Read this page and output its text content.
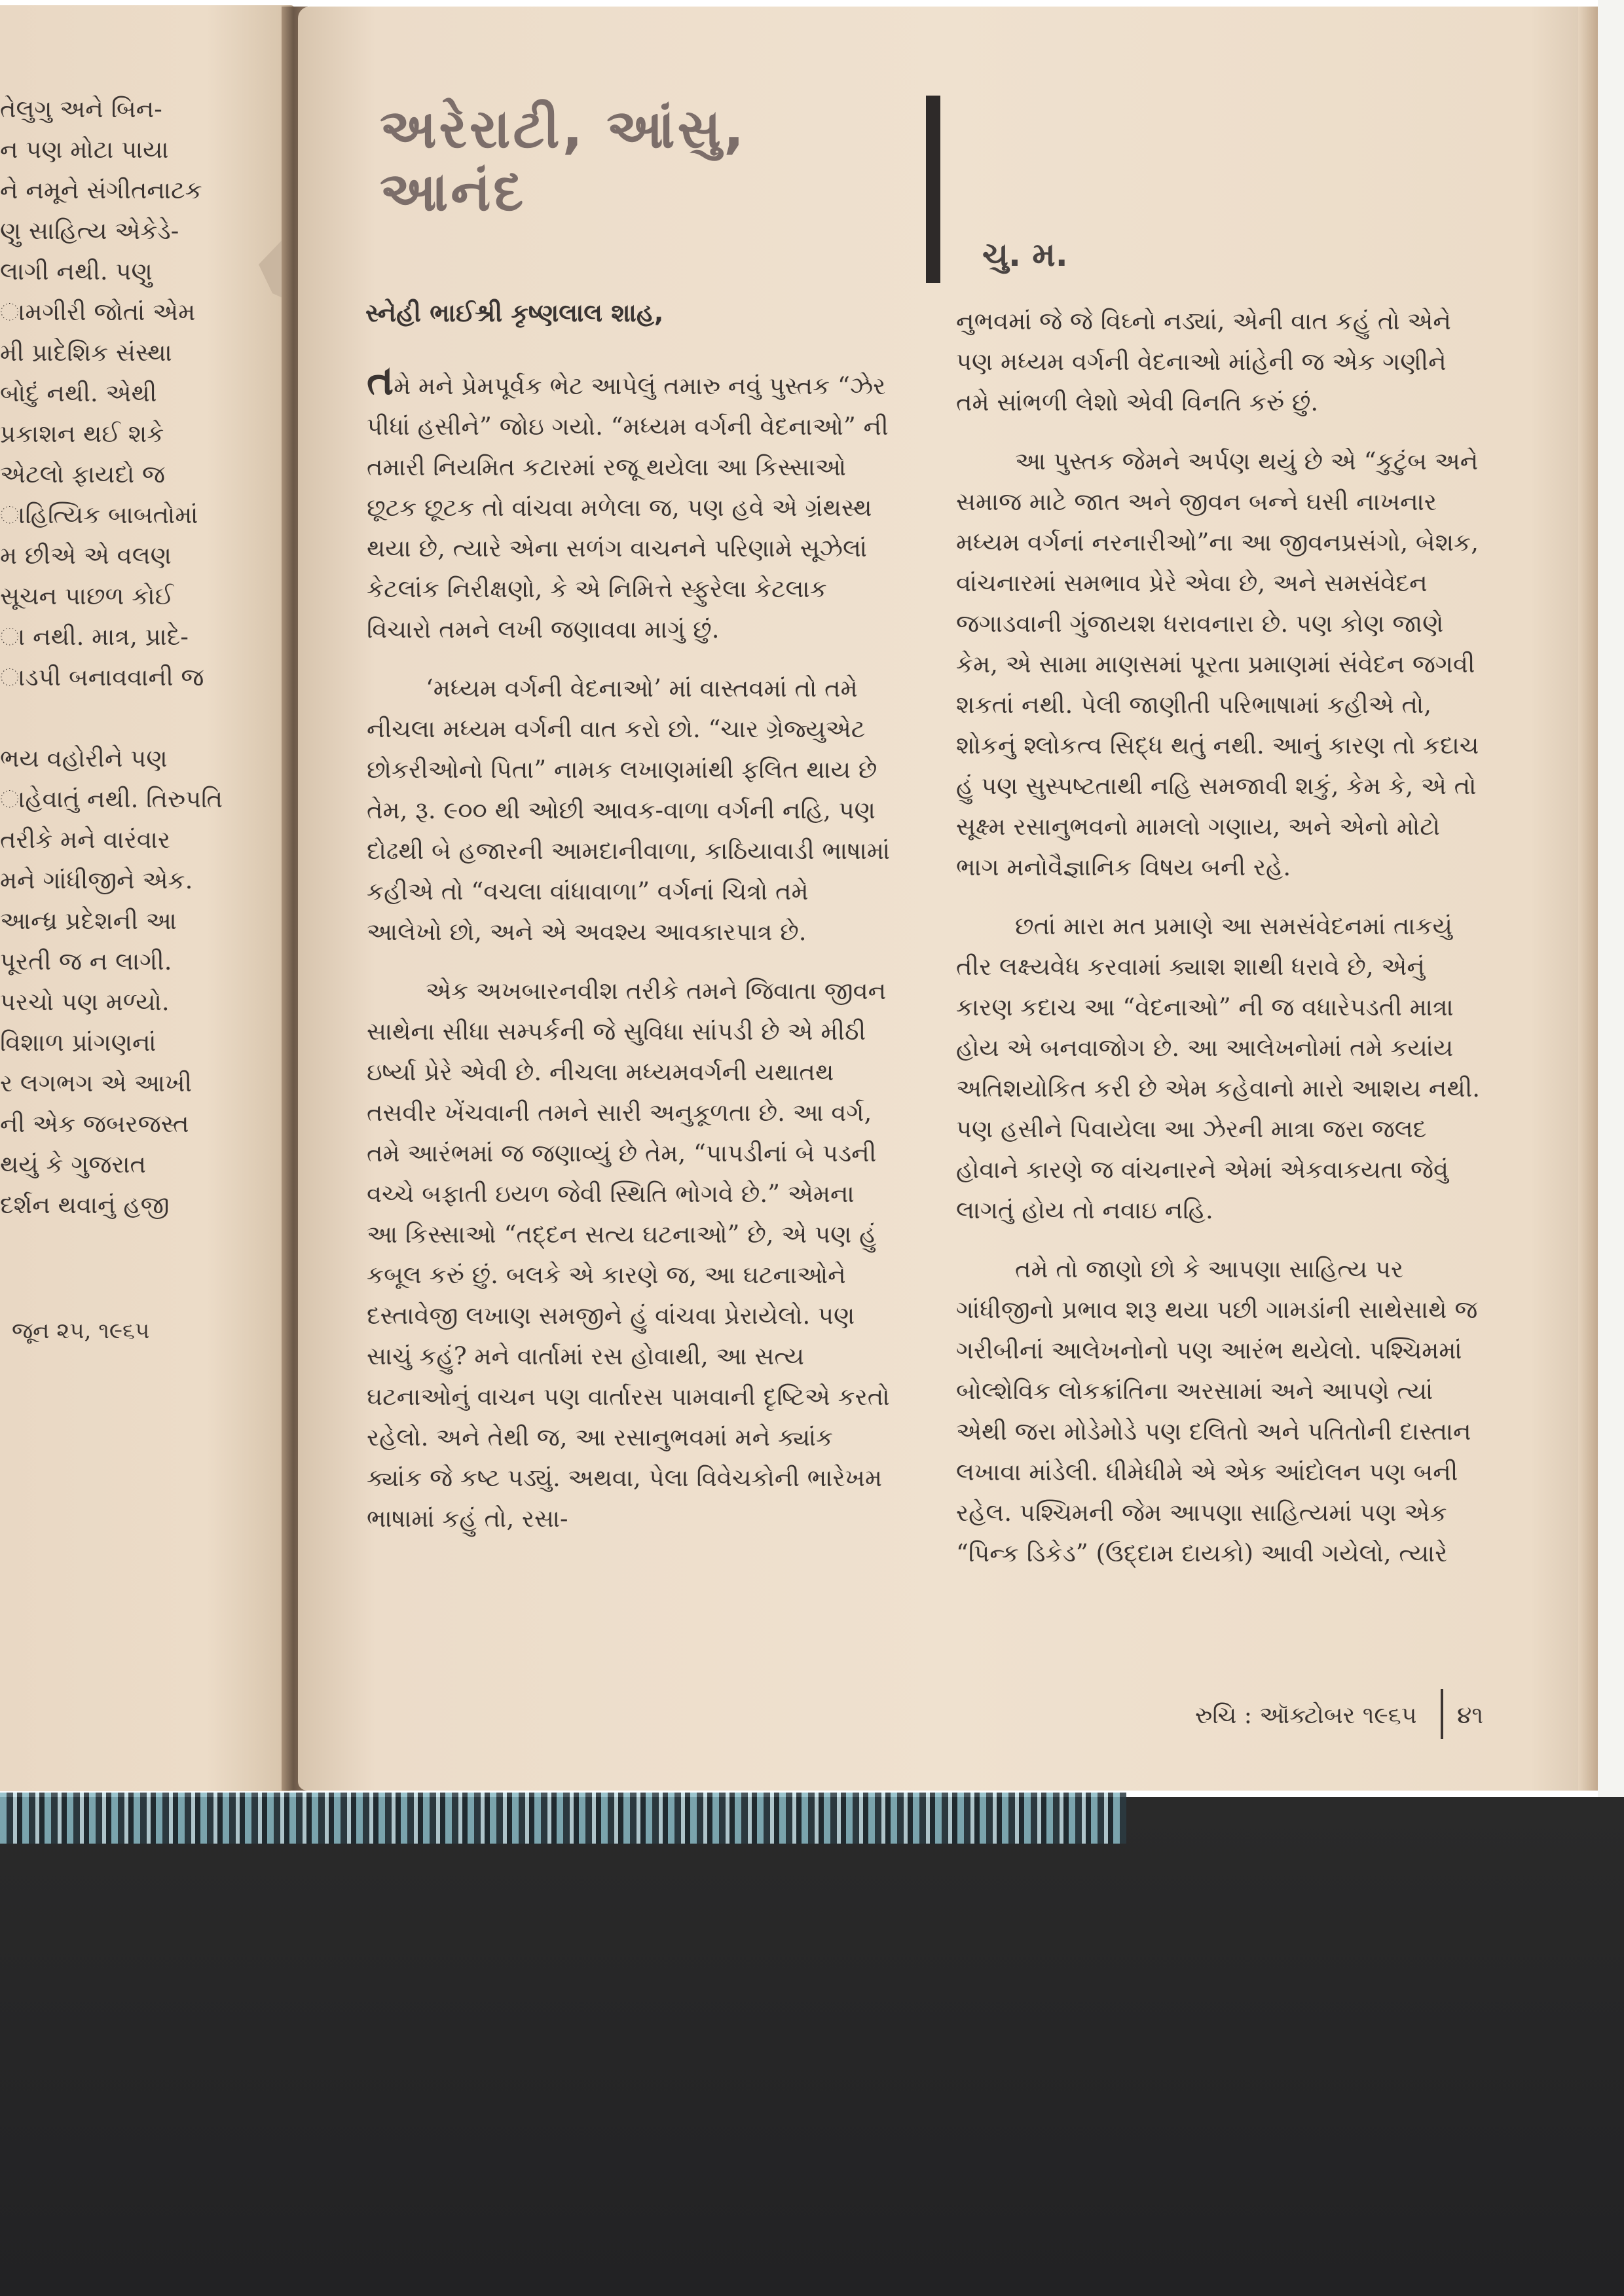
તેલુગુ અને બિન-

ન પણ મોટા પાયા

ને નમૂને સંગીતનાટક

ણુ સાહિત્ય એકેડે-

લાગી નથી. પણુ

ામગીરી જોતાં એમ

મી પ્રાદેશિક સંસ્થા

બોદું નથી. એથી

પ્રકાશન થઈ શકે

એટલો ફાયદો જ

ાહિત્યિક બાબતોમાં

મ છીએ એ વલણ

સૂચન પાછળ કોઈ

ા નથી. માત્ર, પ્રાદે-

ાડપી બનાવવાની જ

ભય વહોરીને પણ

ાહેવાતું નથી. તિરુપતિ

તરીકે મને વારંવાર

મને ગાંધીજીને એક.

આન્ધ્ર પ્રદેશની આ

પૂરતી જ ન લાગી.

પરચો પણ મળ્યો.

વિશાળ પ્રાંગણનાં

ર લગભગ એ આખી

ની એક જબરજસ્ત

થયું કે ગુજરાત

દર્શન થવાનું હજી

જૂન ૨૫, ૧૯૬૫
અરેરાટી, આંસુ, આનંદ
ચુ. મ.
સ્નેહી ભાઈશ્રી કૃષ્ણલાલ શાહ,

તમે મને પ્રેમપૂર્વક ભેટ આપેલું તમારુ નવું પુસ્તક “ઝેર પીધાં હસીને” જોઇ ગયો. “મધ્યમ વર્ગની વેદનાઓ” ની તમારી નિયમિત કટારમાં રજૂ થયેલા આ કિસ્સાઓ છૂટક છૂટક તો વાંચવા મળેલા જ, પણ હવે એ ગ્રંથસ્થ થયા છે, ત્યારે એના સળંગ વાચનને પરિણામે સૂઝેલાં કેટલાંક નિરીક્ષણો, કે એ નિમિત્તે સ્ફુરેલા કેટલાક વિચારો તમને લખી જણાવવા માગું છું.

‘મધ્યમ વર્ગની વેદનાઓ’ માં વાસ્તવમાં તો તમે નીચલા મધ્યમ વર્ગની વાત કરો છો. “ચાર ગ્રેજ્યુએટ છોકરીઓનો પિતા” નામક લખાણમાંથી ફલિત થાય છે તેમ, રૂ. ૯૦૦ થી ઓછી આવક-વાળા વર્ગની નહિ, પણ દોઢથી બે હજારની આમદાનીવાળા, કાઠિયાવાડી ભાષામાં કહીએ તો “વચલા વાંધાવાળા” વર્ગનાં ચિત્રો તમે આલેખો છો, અને એ અવશ્ય આવકારપાત્ર છે.

એક અખબારનવીશ તરીકે તમને જિવાતા જીવન સાથેના સીધા સમ્પર્કની જે સુવિધા સાંપડી છે એ મીઠી ઇર્ષ્યા પ્રેરે એવી છે. નીચલા મધ્યમવર્ગની યથાતથ તસવીર ખેંચવાની તમને સારી અનુકૂળતા છે. આ વર્ગ, તમે આરંભમાં જ જણાવ્યું છે તેમ, “પાપડીનાં બે પડની વચ્ચે બફાતી ઇયળ જેવી સ્થિતિ ભોગવે છે.” એમના આ કિસ્સાઓ “તદ્દન સત્ય ઘટનાઓ” છે, એ પણ હું કબૂલ કરું છું. બલકે એ કારણે જ, આ ઘટનાઓને દસ્તાવેજી લખાણ સમજીને હું વાંચવા પ્રેરાયેલો. પણ સાચું કહું? મને વાર્તામાં રસ હોવાથી, આ સત્ય ઘટનાઓનું વાચન પણ વાર્તારસ પામવાની દૃષ્ટિએ કરતો રહેલો. અને તેથી જ, આ રસાનુભવમાં મને ક્યાંક ક્યાંક જે કષ્ટ પડ્યું. અથવા, પેલા વિવેચકોની ભારેખમ ભાષામાં કહું તો, રસા-

નુભવમાં જે જે વિઘ્નો નડ્યાં, એની વાત કહું તો એને પણ મધ્યમ વર્ગની વેદનાઓ માંહેની જ એક ગણીને તમે સાંભળી લેશો એવી વિનતિ કરું છું.

આ પુસ્તક જેમને અર્પણ થયું છે એ “કુટુંબ અને સમાજ માટે જાત અને જીવન બન્ને ઘસી નાખનાર મધ્યમ વર્ગનાં નરનારીઓ”ના આ જીવનપ્રસંગો, બેશક, વાંચનારમાં સમભાવ પ્રેરે એવા છે, અને સમસંવેદન જગાડવાની ગુંજાયશ ધરાવનારા છે. પણ કોણ જાણે કેમ, એ સામા માણસમાં પૂરતા પ્રમાણમાં સંવેદન જગવી શકતાં નથી. પેલી જાણીતી પરિભાષામાં કહીએ તો, શોકનું શ્લોકત્વ સિદ્ધ થતું નથી. આનું કારણ તો કદાચ હું પણ સુસ્પષ્ટતાથી નહિ સમજાવી શકું, કેમ કે, એ તો સૂક્ષ્મ રસાનુભવનો મામલો ગણાય, અને એનો મોટો ભાગ મનોવૈજ્ઞાનિક વિષય બની રહે.

છતાં મારા મત પ્રમાણે આ સમસંવેદનમાં તાકયું તીર લક્ષ્યવેધ કરવામાં ક્યાશ શાથી ધરાવે છે, એનું કારણ કદાચ આ “વેદનાઓ” ની જ વધારેપડતી માત્રા હોય એ બનવાજોગ છે. આ આલેખનોમાં તમે કયાંય અતિશયોકિત કરી છે એમ કહેવાનો મારો આશય નથી. પણ હસીને પિવાયેલા આ ઝેરની માત્રા જરા જલદ હોવાને કારણે જ વાંચનારને એમાં એકવાકયતા જેવું લાગતું હોય તો નવાઇ નહિ.

તમે તો જાણો છો કે આપણા સાહિત્ય પર ગાંધીજીનો પ્રભાવ શરૂ થયા પછી ગામડાંની સાથેસાથે જ ગરીબીનાં આલેખનોનો પણ આરંભ થયેલો. પશ્ચિમમાં બોલ્શેવિક લોકક્રાંતિના અરસામાં અને આપણે ત્યાં એથી જરા મોડેમોડે પણ દલિતો અને પતિતોની દાસ્તાન લખાવા માંડેલી. ધીમેધીમે એ એક આંદોલન પણ બની રહેલ. પશ્ચિમની જેમ આપણા સાહિત્યમાં પણ એક “પિન્ક ડિકેડ” (ઉદ્દામ દાયકો) આવી ગયેલો, ત્યારે

રુચિ : ઑક્ટોબર ૧૯૬૫ ૪૧
